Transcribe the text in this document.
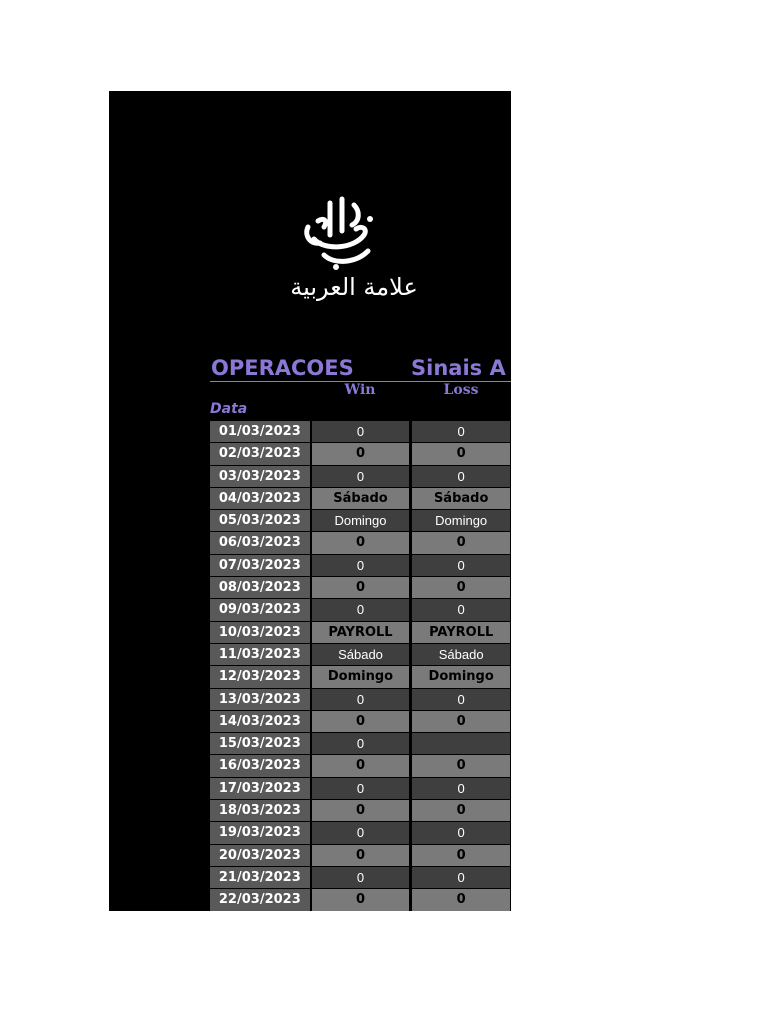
علامة العربية
OPERACOES	Sinais A
Win	Loss
Data
01/03/2023	0	0
02/03/2023	0	0
03/03/2023	0	0
04/03/2023	Sábado	Sábado
05/03/2023	Domingo	Domingo
06/03/2023	0	0
07/03/2023	0	0
08/03/2023	0	0
09/03/2023	0	0
10/03/2023	PAYROLL	PAYROLL
11/03/2023	Sábado	Sábado
12/03/2023	Domingo	Domingo
13/03/2023	0	0
14/03/2023	0	0
15/03/2023	0
16/03/2023	0	0
17/03/2023	0	0
18/03/2023	0	0
19/03/2023	0	0
20/03/2023	0	0
21/03/2023	0	0
22/03/2023	0	0
